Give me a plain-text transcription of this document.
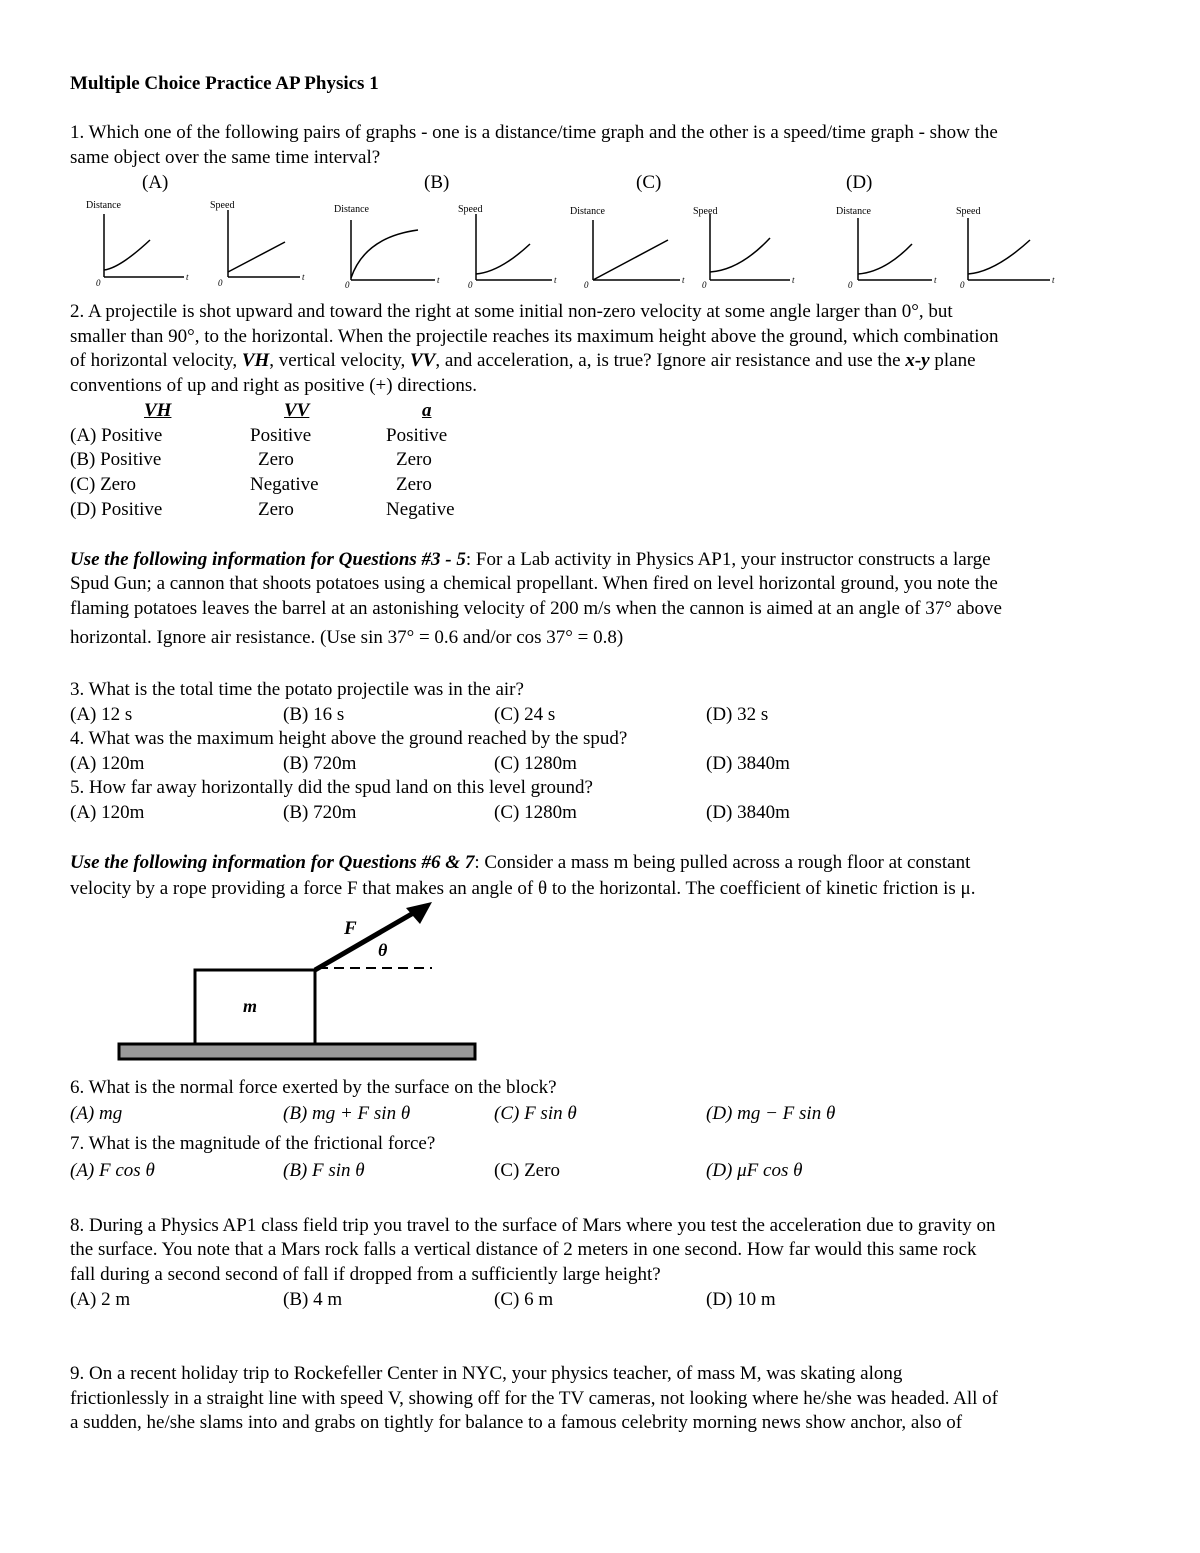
Multiple Choice Practice AP Physics 1
1. Which one of the following pairs of graphs - one is a distance/time graph and the other is a speed/time graph - show the
same object over the same time interval?
(A)	(B)	(C)	(D)
Distance	Speed	Distance	Speed	Distance	Speed	Distance	Speed
0	0	0	0	0	0	0	0
t	t	t	t	t	t	t	t
2. A projectile is shot upward and toward the right at some initial non-zero velocity at some angle larger than 0°, but
smaller than 90°, to the horizontal. When the projectile reaches its maximum height above the ground, which combination
of horizontal velocity, VH, vertical velocity, VV, and acceleration, a, is true? Ignore air resistance and use the x-y plane
conventions of up and right as positive (+) directions.
VH	VV	a
(A) Positive	Positive	Positive
(B) Positive	Zero	Zero
(C) Zero	Negative	Zero
(D) Positive	Zero	Negative
Use the following information for Questions #3 - 5: For a Lab activity in Physics AP1, your instructor constructs a large
Spud Gun; a cannon that shoots potatoes using a chemical propellant. When fired on level horizontal ground, you note the
flaming potatoes leaves the barrel at an astonishing velocity of 200 m/s when the cannon is aimed at an angle of 37° above
horizontal. Ignore air resistance. (Use sin 37° = 0.6 and/or cos 37° = 0.8)
3. What is the total time the potato projectile was in the air?
(A) 12 s	(B) 16 s	(C) 24 s	(D) 32 s
4. What was the maximum height above the ground reached by the spud?
(A) 120m	(B) 720m	(C) 1280m	(D) 3840m
5. How far away horizontally did the spud land on this level ground?
(A) 120m	(B) 720m	(C) 1280m	(D) 3840m
Use the following information for Questions #6 & 7: Consider a mass m being pulled across a rough floor at constant
velocity by a rope providing a force F that makes an angle of θ to the horizontal. The coefficient of kinetic friction is μ.
F
θ
m
6. What is the normal force exerted by the surface on the block?
(A) mg	(B) mg + F sin θ	(C) F sin θ	(D) mg − F sin θ
7. What is the magnitude of the frictional force?
(A) F cos θ	(B) F sin θ	(C) Zero	(D) μF cos θ
8. During a Physics AP1 class field trip you travel to the surface of Mars where you test the acceleration due to gravity on
the surface. You note that a Mars rock falls a vertical distance of 2 meters in one second. How far would this same rock
fall during a second second of fall if dropped from a sufficiently large height?
(A) 2 m	(B) 4 m	(C) 6 m	(D) 10 m
9. On a recent holiday trip to Rockefeller Center in NYC, your physics teacher, of mass M, was skating along
frictionlessly in a straight line with speed V, showing off for the TV cameras, not looking where he/she was headed. All of
a sudden, he/she slams into and grabs on tightly for balance to a famous celebrity morning news show anchor, also of
